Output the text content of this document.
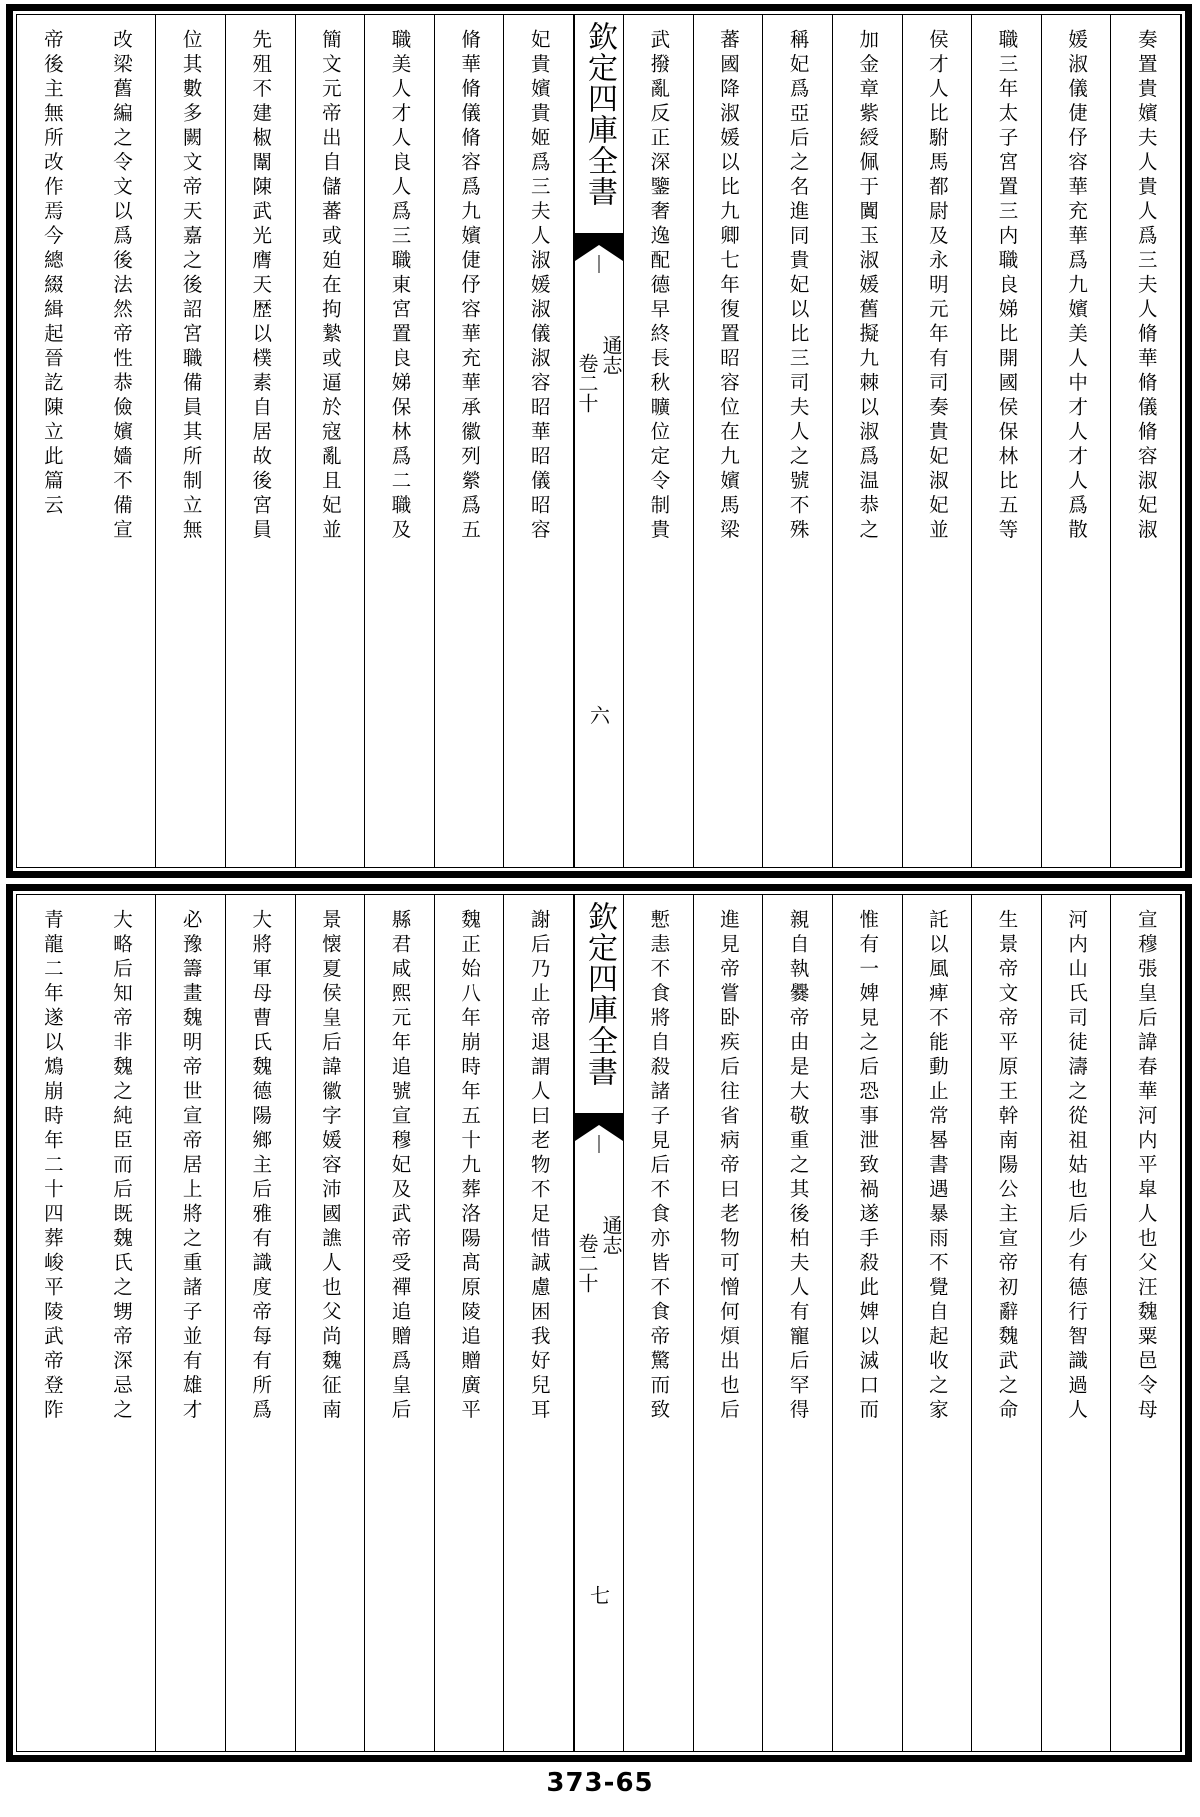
奏置貴嬪夫人貴人爲三夫人脩華脩儀脩容淑妃淑
媛淑儀倢伃容華充華爲九嬪美人中才人才人爲散
職三年太子宮置三内職良娣比開國侯保林比五等
侯才人比駙馬都尉及永明元年有司奏貴妃淑妃並
加金章紫綬佩于闐玉淑媛舊擬九棘以淑爲温恭之
稱妃爲亞后之名進同貴妃以比三司夫人之號不殊
蕃國降淑媛以比九卿七年復置昭容位在九嬪馬梁
武撥亂反正深鑒奢逸配德早終長秋曠位定令制貴
欽定四庫全書
通志
卷二十
六
妃貴嬪貴姬爲三夫人淑媛淑儀淑容昭華昭儀昭容
脩華脩儀脩容爲九嬪倢伃容華充華承徽列縈爲五
職美人才人良人爲三職東宮置良娣保林爲二職及
簡文元帝出自儲蕃或廹在拘縶或逼於寇亂且妃並
先殂不建椒闈陳武光膺天歴以樸素自居故後宮員
位其數多闕文帝天嘉之後詔宮職備員其所制立無
改梁舊編之令文以爲後法然帝性恭儉嬪嬙不備宣
帝後主無所改作焉今總綴緝起晉訖陳立此篇云
宣穆張皇后諱春華河内平皐人也父汪魏粟邑令母
河内山氏司徒濤之從祖姑也后少有德行智識過人
生景帝文帝平原王幹南陽公主宣帝初辭魏武之命
託以風痺不能動止常晷書遇暴雨不覺自起收之家
惟有一婢見之后恐事泄致禍遂手殺此婢以滅口而
親自執爨帝由是大敬重之其後柏夫人有寵后罕得
進見帝嘗卧疾后往省病帝曰老物可憎何煩出也后
慙恚不食將自殺諸子見后不食亦皆不食帝驚而致
欽定四庫全書
通志
卷二十
七
謝后乃止帝退謂人曰老物不足惜誠慮困我好兒耳
魏正始八年崩時年五十九葬洛陽髙原陵追贈廣平
縣君咸熙元年追號宣穆妃及武帝受禪追贈爲皇后
景懐夏侯皇后諱徽字媛容沛國譙人也父尚魏征南
大將軍母曹氏魏德陽鄉主后雅有識度帝每有所爲
必豫籌畫魏明帝世宣帝居上將之重諸子並有雄才
大略后知帝非魏之純臣而后既魏氏之甥帝深忌之
青龍二年遂以鴆崩時年二十四葬峻平陵武帝登阼
373-65
